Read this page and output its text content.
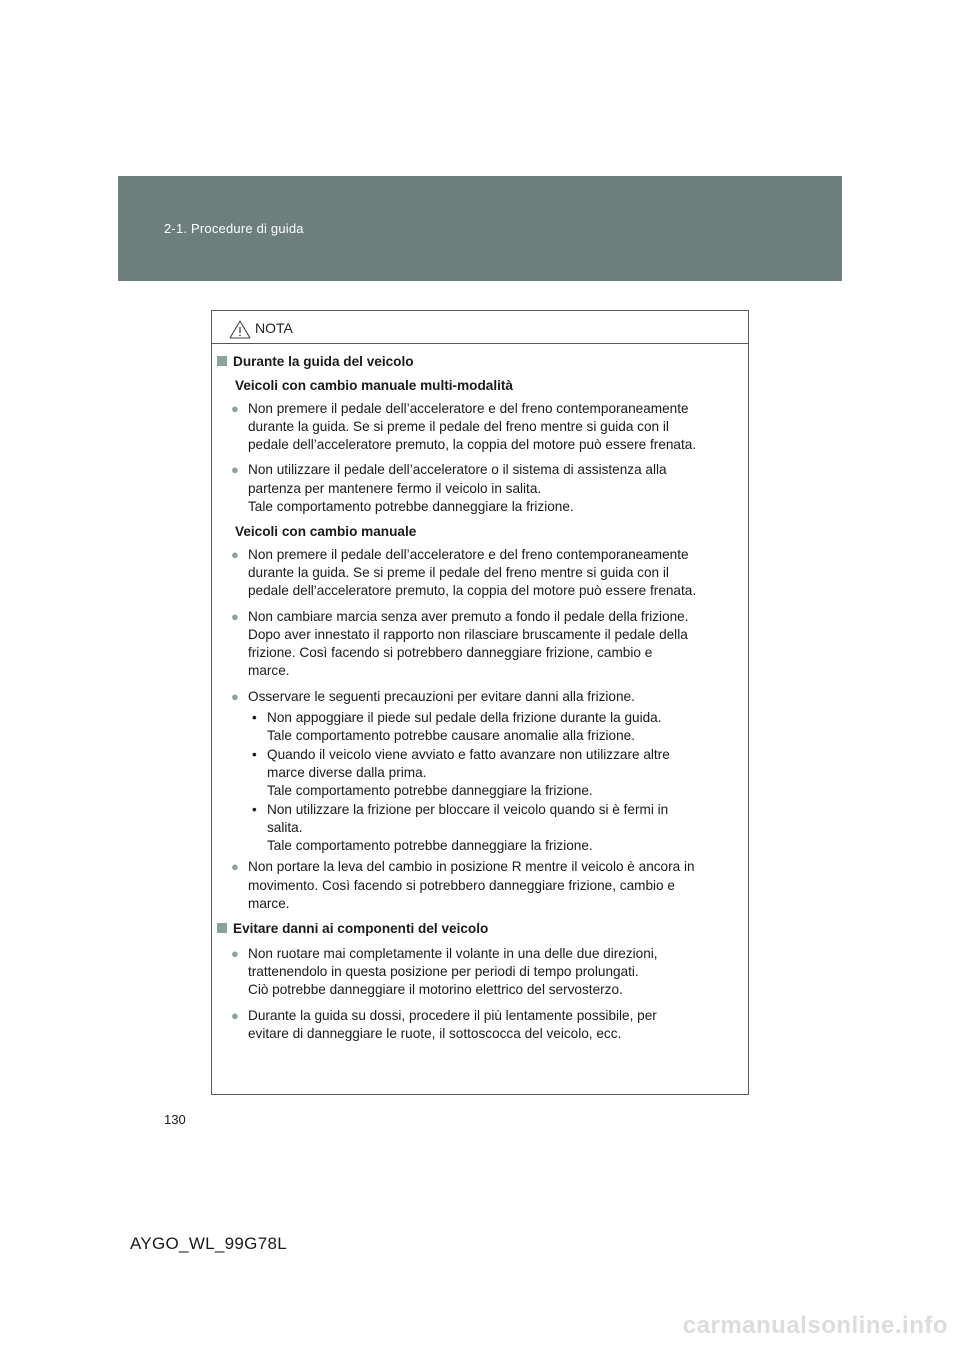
2-1. Procedure di guida
NOTA
Durante la guida del veicolo
Veicoli con cambio manuale multi-modalità
● Non premere il pedale dell’acceleratore e del freno contemporaneamente
durante la guida. Se si preme il pedale del freno mentre si guida con il
pedale dell’acceleratore premuto, la coppia del motore può essere frenata.
● Non utilizzare il pedale dell’acceleratore o il sistema di assistenza alla
partenza per mantenere fermo il veicolo in salita.
Tale comportamento potrebbe danneggiare la frizione.
Veicoli con cambio manuale
● Non premere il pedale dell’acceleratore e del freno contemporaneamente
durante la guida. Se si preme il pedale del freno mentre si guida con il
pedale dell’acceleratore premuto, la coppia del motore può essere frenata.
● Non cambiare marcia senza aver premuto a fondo il pedale della frizione.
Dopo aver innestato il rapporto non rilasciare bruscamente il pedale della
frizione. Così facendo si potrebbero danneggiare frizione, cambio e
marce.
● Osservare le seguenti precauzioni per evitare danni alla frizione.
• Non appoggiare il piede sul pedale della frizione durante la guida.
Tale comportamento potrebbe causare anomalie alla frizione.
• Quando il veicolo viene avviato e fatto avanzare non utilizzare altre
marce diverse dalla prima.
Tale comportamento potrebbe danneggiare la frizione.
• Non utilizzare la frizione per bloccare il veicolo quando si è fermi in
salita.
Tale comportamento potrebbe danneggiare la frizione.
● Non portare la leva del cambio in posizione R mentre il veicolo è ancora in
movimento. Così facendo si potrebbero danneggiare frizione, cambio e
marce.
Evitare danni ai componenti del veicolo
● Non ruotare mai completamente il volante in una delle due direzioni,
trattenendolo in questa posizione per periodi di tempo prolungati.
Ciò potrebbe danneggiare il motorino elettrico del servosterzo.
● Durante la guida su dossi, procedere il più lentamente possibile, per
evitare di danneggiare le ruote, il sottoscocca del veicolo, ecc.
130
AYGO_WL_99G78L
carmanualsonline.info
